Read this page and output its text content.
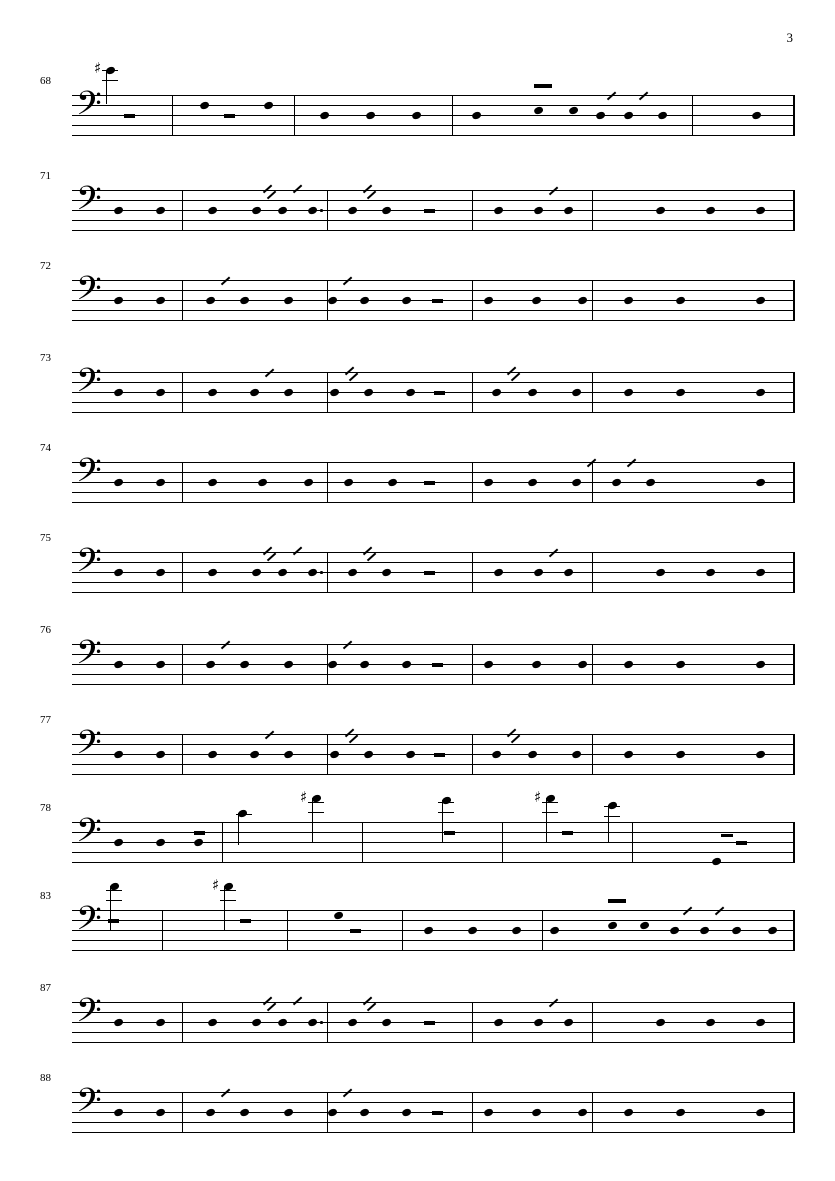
3
68
𝄢
♯
71
𝄢
72
𝄢
73
𝄢
74
𝄢
75
𝄢
76
𝄢
77
𝄢
78
𝄢
♯	♯
83
𝄢
♯
87
𝄢
88
𝄢
